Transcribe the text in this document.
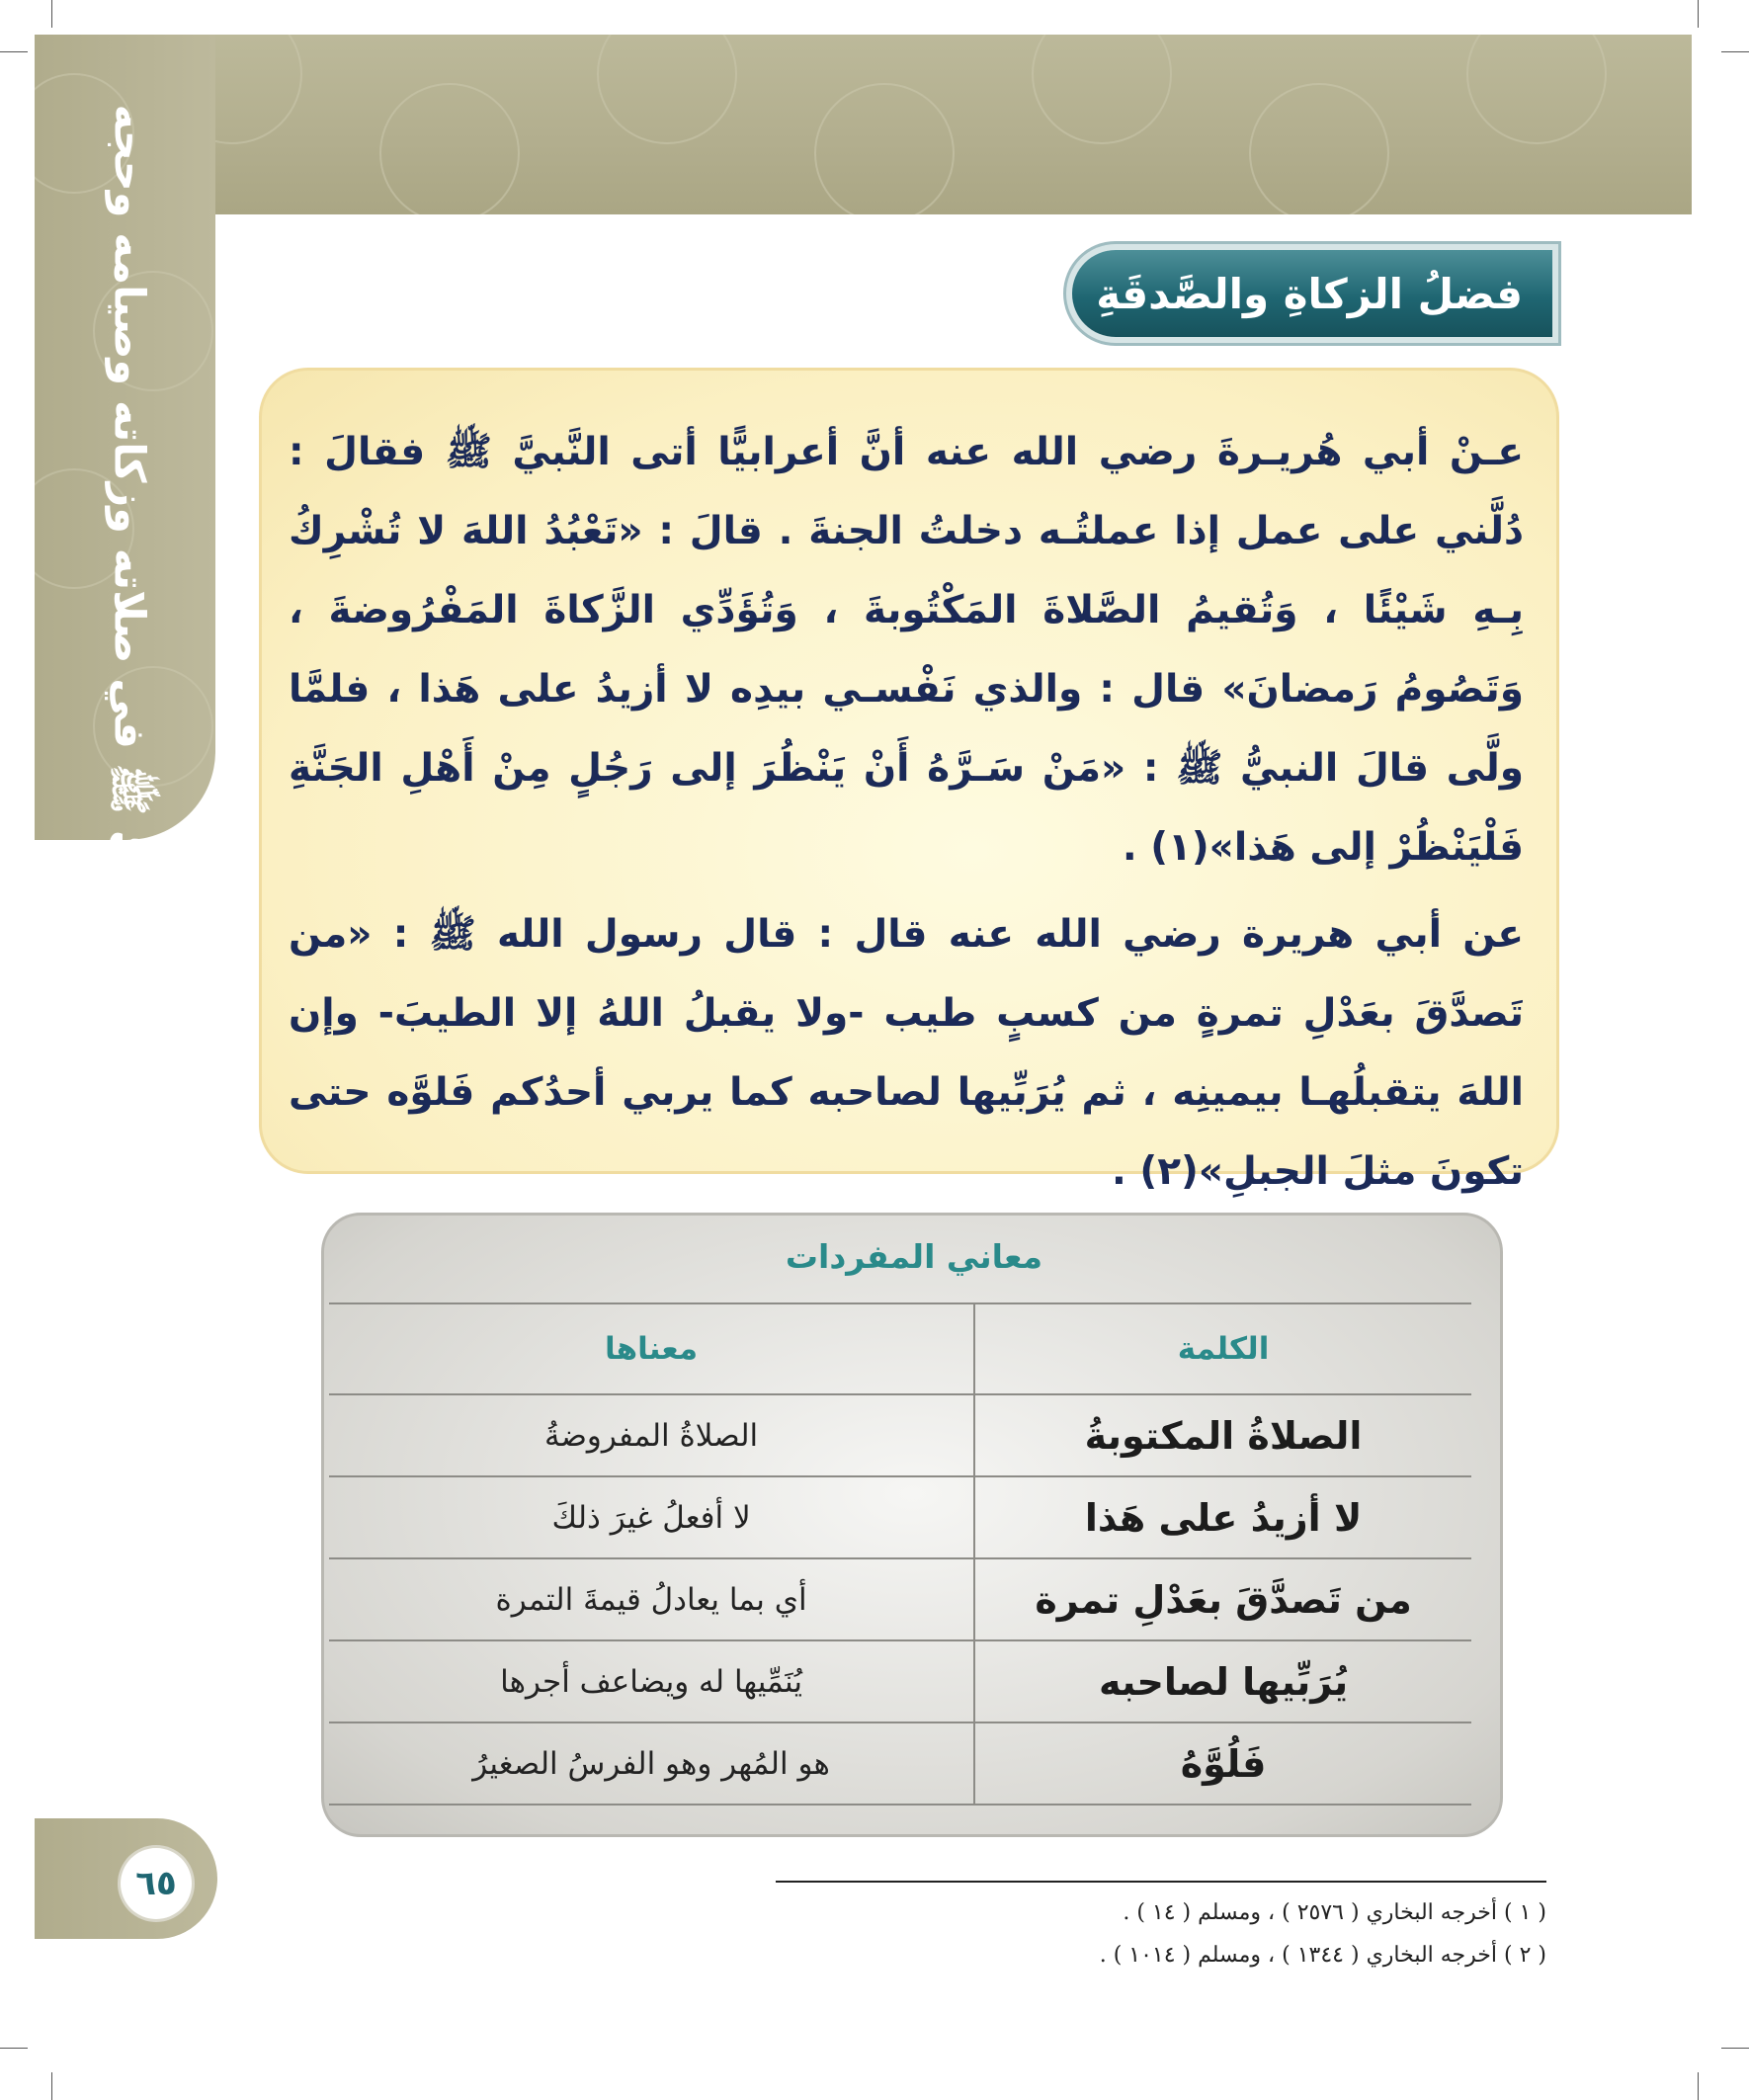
النبيُّ ﷺ في صلاته وزكاته وصيامه وحجه	فضلُ الزكاةِ والصَّدقَةِ

عـنْ أبي هُريـرةَ رضي الله عنه أنَّ أعرابيًّا أتى النَّبيَّ ﷺ فقالَ : دُلَّني على عمل إذا عملتُـه دخلتُ الجنةَ . قالَ : «تَعْبُدُ اللهَ لا تُشْرِكُ بِـهِ شَيْئًا ، وَتُقيمُ الصَّلاةَ المَكْتُوبةَ ، وَتُؤَدِّي الزَّكاةَ المَفْرُوضةَ ، وَتَصُومُ رَمضانَ» قال : والذي نَفْسـي بيدِه لا أزيدُ على هَذا ، فلمَّا ولَّى قالَ النبيُّ ﷺ : «مَنْ سَـرَّهُ أَنْ يَنْظُرَ إلى رَجُلٍ مِنْ أَهْلِ الجَنَّةِ فَلْيَنْظُرْ إلى هَذا»(١) .

عن أبي هريرة رضي الله عنه قال : قال رسول الله ﷺ : «من تَصدَّقَ بعَدْلِ تمرةٍ من كسبٍ طيب -ولا يقبلُ اللهُ إلا الطيبَ- وإن اللهَ يتقبلُهـا بيمينِه ، ثم يُرَبِّيها لصاحبه كما يربي أحدُكم فَلوَّه حتى تكونَ مثلَ الجبلِ»(٢) .

معاني المفردات
الكلمة	معناها
الصلاةُ المكتوبةُ	الصلاةُ المفروضةُ
لا أزيدُ على هَذا	لا أفعلُ غيرَ ذلكَ
من تَصدَّقَ بعَدْلِ تمرة	أي بما يعادلُ قيمةَ التمرة
يُرَبِّيها لصاحبه	يُنَمِّيها له ويضاعف أجرها
فَلُوَّهُ	هو المُهر وهو الفرسُ الصغيرُ
٦٥
( ١ ) أخرجه البخاري ( ٢٥٧٦ ) ، ومسلم ( ١٤ ) .
( ٢ ) أخرجه البخاري ( ١٣٤٤ ) ، ومسلم ( ١٠١٤ ) .
